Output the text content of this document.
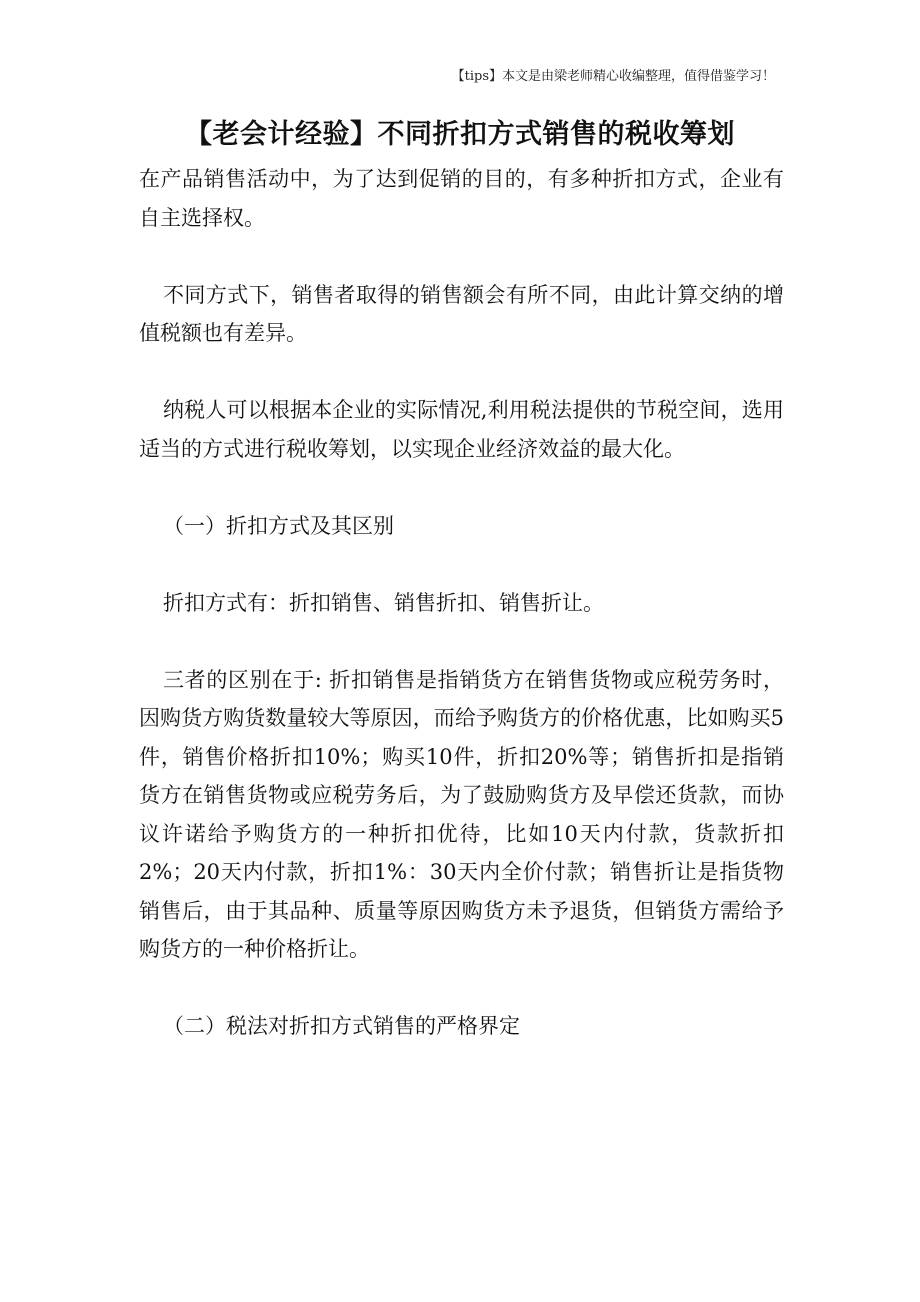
【tips】本文是由梁老师精心收编整理，值得借鉴学习！
【老会计经验】不同折扣方式销售的税收筹划

在产品销售活动中，为了达到促销的目的，有多种折扣方式，企业有自主选择权。

不同方式下，销售者取得的销售额会有所不同，由此计算交纳的增值税额也有差异。

纳税人可以根据本企业的实际情况,利用税法提供的节税空间，选用适当的方式进行税收筹划，以实现企业经济效益的最大化。

（一）折扣方式及其区别

折扣方式有：折扣销售、销售折扣、销售折让。

三者的区别在于: 折扣销售是指销货方在销售货物或应税劳务时，因购货方购货数量较大等原因，而给予购货方的价格优惠，比如购买5件，销售价格折扣10%；购买10件，折扣20%等；销售折扣是指销货方在销售货物或应税劳务后，为了鼓励购货方及早偿还货款，而协议许诺给予购货方的一种折扣优待，比如10天内付款，货款折扣2%；20天内付款，折扣1%：30天内全价付款；销售折让是指货物销售后，由于其品种、质量等原因购货方未予退货，但销货方需给予购货方的一种价格折让。

（二）税法对折扣方式销售的严格界定
